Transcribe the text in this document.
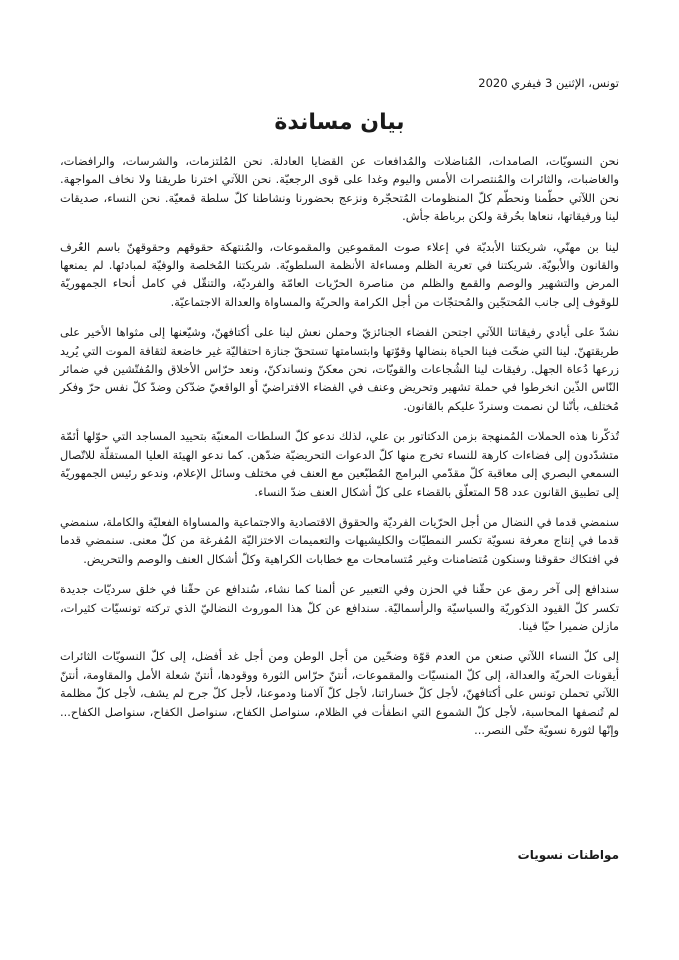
تونس، الإثنين 3 فيفري 2020

بيان مساندة

نحن النسويّات، الصامدات، المُناضلات والمُدافعات عن القضايا العادلة. نحن المُلتزمات، والشرسات، والرافضات، والغاضبات، والثائرات والمُنتصرات الأمس واليوم وغدا على قوى الرجعيّة. نحن اللآتي اخترنا طريقنا ولا نخاف المواجهة. نحن اللآتي حطّمنا ونحطّم كلّ المنظومات المُتحجّرة ونزعج بحضورنا ونشاطنا كلّ سلطة قمعيّة. نحن النساء، صديقات لينا ورفيقاتها، ننعاها بحُرقة ولكن برباطة جأش.

لينا بن مهنّي، شريكتنا الأبديّة في إعلاء صوت المقموعين والمقموعات، والمُنتهكة حقوقهم وحقوقهنّ باسم العُرف والقانون والأبويّة. شريكتنا في تعرية الظلم ومساءلة الأنظمة السلطويّة. شريكتنا المُخلصة والوفيّة لمبادئها. لم يمنعها المرض والتشهير والوصم والقمع والظلم من مناصرة الحرّيات العامّة والفرديّة، والتنقّل في كامل أنحاء الجمهوريّة للوقوف إلى جانب المُحتجّين والمُحتجّات من أجل الكرامة والحريّة والمساواة والعدالة الاجتماعيّة.

نشدّ على أيادي رفيقاتنا اللآتي اجتحن الفضاء الجنائزيّ وحملن نعش لينا على أكتافهنّ، وشيّعنها إلى مثواها الأخير على طريقتهنّ. لينا التي ضحّت فينا الحياة بنضالها وقوّتها وابتسامتها تستحقّ جنازة احتفاليّة غير خاضعة لثقافة الموت التي يُريد زرعها دُعاة الجهل. رفيقات لينا الشُجاعات والقويّات، نحن معكنّ ونساندكنّ، ونعد حرّاس الأخلاق والمُفتّشين في ضمائر النّاس الذّين انخرطوا في حملة تشهير وتحريض وعنف في الفضاء الافتراضيّ أو الواقعيّ ضدّكن وضدّ كلّ نفس حرّ وفكر مُختلف، بأنّنا لن نصمت وسنردّ عليكم بالقانون.

تُذكّرنا هذه الحملات المُمنهجة بزمن الدكتاتور بن علي، لذلك ندعو كلّ السلطات المعنيّة بتحييد المساجد التي حوّلها أئمّة متشدّدون إلى فضاءات كارهة للنساء تخرج منها كلّ الدعوات التحريضيّة ضدّهن. كما ندعو الهيئة العليا المستقلّة للاتّصال السمعي البصري إلى معاقبة كلّ مقدّمي البرامج المُطبّعين مع العنف في مختلف وسائل الإعلام، وندعو رئيس الجمهوريّة إلى تطبيق القانون عدد 58 المتعلّق بالقضاء على كلّ أشكال العنف ضدّ النساء.

سنمضي قدما في النضال من أجل الحرّيات الفرديّة والحقوق الاقتصادية والاجتماعية والمساواة الفعليّة والكاملة، سنمضي قدما في إنتاج معرفة نسويّة تكسر النمطيّات والكليشيهات والتعميمات الاختزاليّة المُفرغة من كلّ معنى. سنمضي قدما في افتكاك حقوقنا وسنكون مُتضامنات وغير مُتسامحات مع خطابات الكراهية وكلّ أشكال العنف والوصم والتحريض.

سندافع إلى آخر رمق عن حقّنا في الحزن وفي التعبير عن ألمنا كما نشاء، سُندافع عن حقّنا في خلق سرديّات جديدة تكسر كلّ القيود الذكوريّة والسياسيّة والرأسماليّة. سندافع عن كلّ هذا الموروث النضاليّ الذي تركته تونسيّات كثيرات، مازلن ضميرا حيّا فينا.

إلى كلّ النساء اللآتي صنعن من العدم قوّة وضحّين من أجل الوطن ومن أجل غد أفضل، إلى كلّ النسويّات الثائرات أيقونات الحريّة والعدالة، إلى كلّ المنسيّات والمقموعات، أنتنّ حرّاس الثورة ووقودها، أنتنّ شعلة الأمل والمقاومة، أنتنّ اللآتي تحملن تونس على أكتافهنّ، لأجل كلّ خساراتنا، لأجل كلّ آلامنا ودموعنا، لأجل كلّ جرح لم يشف، لأجل كلّ مظلمة لم تُنصفها المحاسبة، لأجل كلّ الشموع التي انطفأت في الظلام، سنواصل الكفاح، سنواصل الكفاح، سنواصل الكفاح... وإنّها لثورة نسويّة حتّى النصر...

مواطنات نسويات
